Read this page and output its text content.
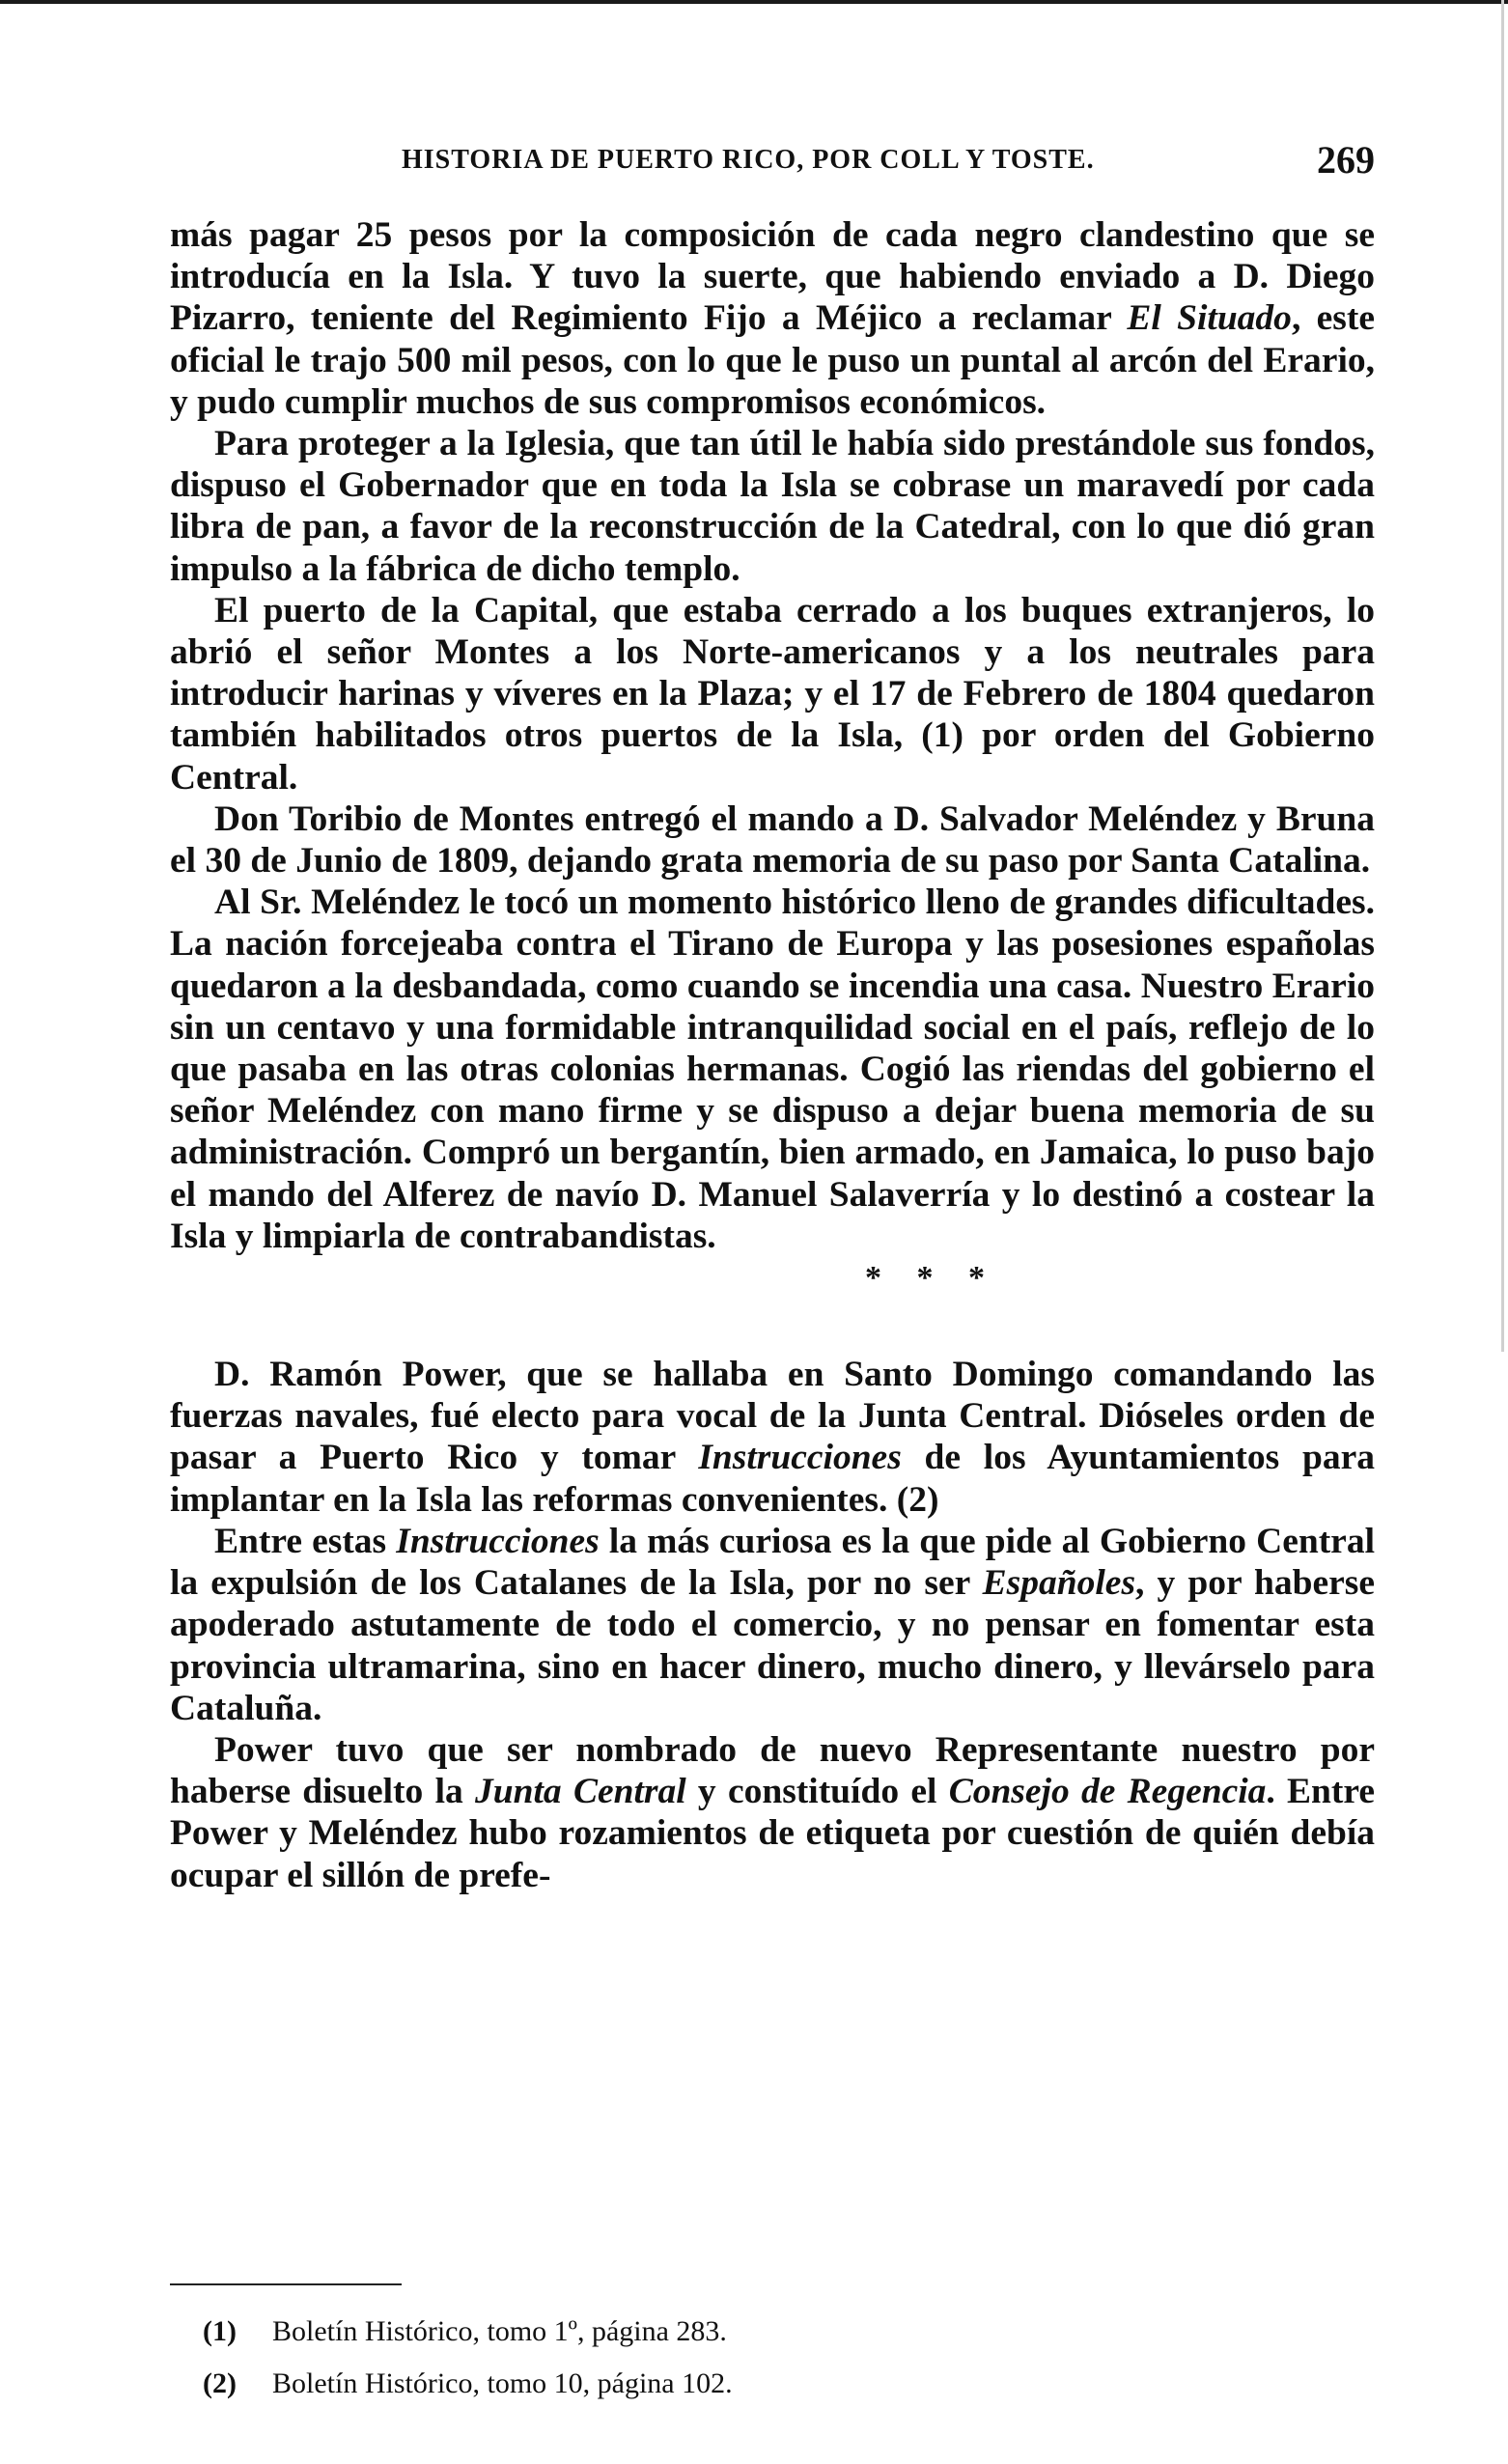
HISTORIA DE PUERTO RICO, POR COLL Y TOSTE.	269

más pagar 25 pesos por la composición de cada negro clandestino que se introducía en la Isla. Y tuvo la suerte, que habiendo enviado a D. Diego Pizarro, teniente del Regimiento Fijo a Méjico a reclamar El Situado, este oficial le trajo 500 mil pesos, con lo que le puso un puntal al arcón del Erario, y pudo cumplir muchos de sus compromisos económicos.

Para proteger a la Iglesia, que tan útil le había sido prestándole sus fondos, dispuso el Gobernador que en toda la Isla se cobrase un maravedí por cada libra de pan, a favor de la reconstrucción de la Catedral, con lo que dió gran impulso a la fábrica de dicho templo.

El puerto de la Capital, que estaba cerrado a los buques extranjeros, lo abrió el señor Montes a los Norte-americanos y a los neutrales para introducir harinas y víveres en la Plaza; y el 17 de Febrero de 1804 quedaron también habilitados otros puertos de la Isla, (1) por orden del Gobierno Central.

Don Toribio de Montes entregó el mando a D. Salvador Meléndez y Bruna el 30 de Junio de 1809, dejando grata memoria de su paso por Santa Catalina.

Al Sr. Meléndez le tocó un momento histórico lleno de grandes dificultades. La nación forcejeaba contra el Tirano de Europa y las posesiones españolas quedaron a la desbandada, como cuando se incendia una casa. Nuestro Erario sin un centavo y una formidable intranquilidad social en el país, reflejo de lo que pasaba en las otras colonias hermanas. Cogió las riendas del gobierno el señor Meléndez con mano firme y se dispuso a dejar buena memoria de su administración. Compró un bergantín, bien armado, en Jamaica, lo puso bajo el mando del Alferez de navío D. Manuel Salaverría y lo destinó a costear la Isla y limpiarla de contrabandistas.

* * *

D. Ramón Power, que se hallaba en Santo Domingo comandando las fuerzas navales, fué electo para vocal de la Junta Central. Dióseles orden de pasar a Puerto Rico y tomar Instrucciones de los Ayuntamientos para implantar en la Isla las reformas convenientes. (2)

Entre estas Instrucciones la más curiosa es la que pide al Gobierno Central la expulsión de los Catalanes de la Isla, por no ser Españoles, y por haberse apoderado astutamente de todo el comercio, y no pensar en fomentar esta provincia ultramarina, sino en hacer dinero, mucho dinero, y llevárselo para Cataluña.

Power tuvo que ser nombrado de nuevo Representante nuestro por haberse disuelto la Junta Central y constituído el Consejo de Regencia. Entre Power y Meléndez hubo rozamientos de etiqueta por cuestión de quién debía ocupar el sillón de prefe-

(1)	Boletín Histórico, tomo 1º, página 283.
(2)	Boletín Histórico, tomo 10, página 102.
